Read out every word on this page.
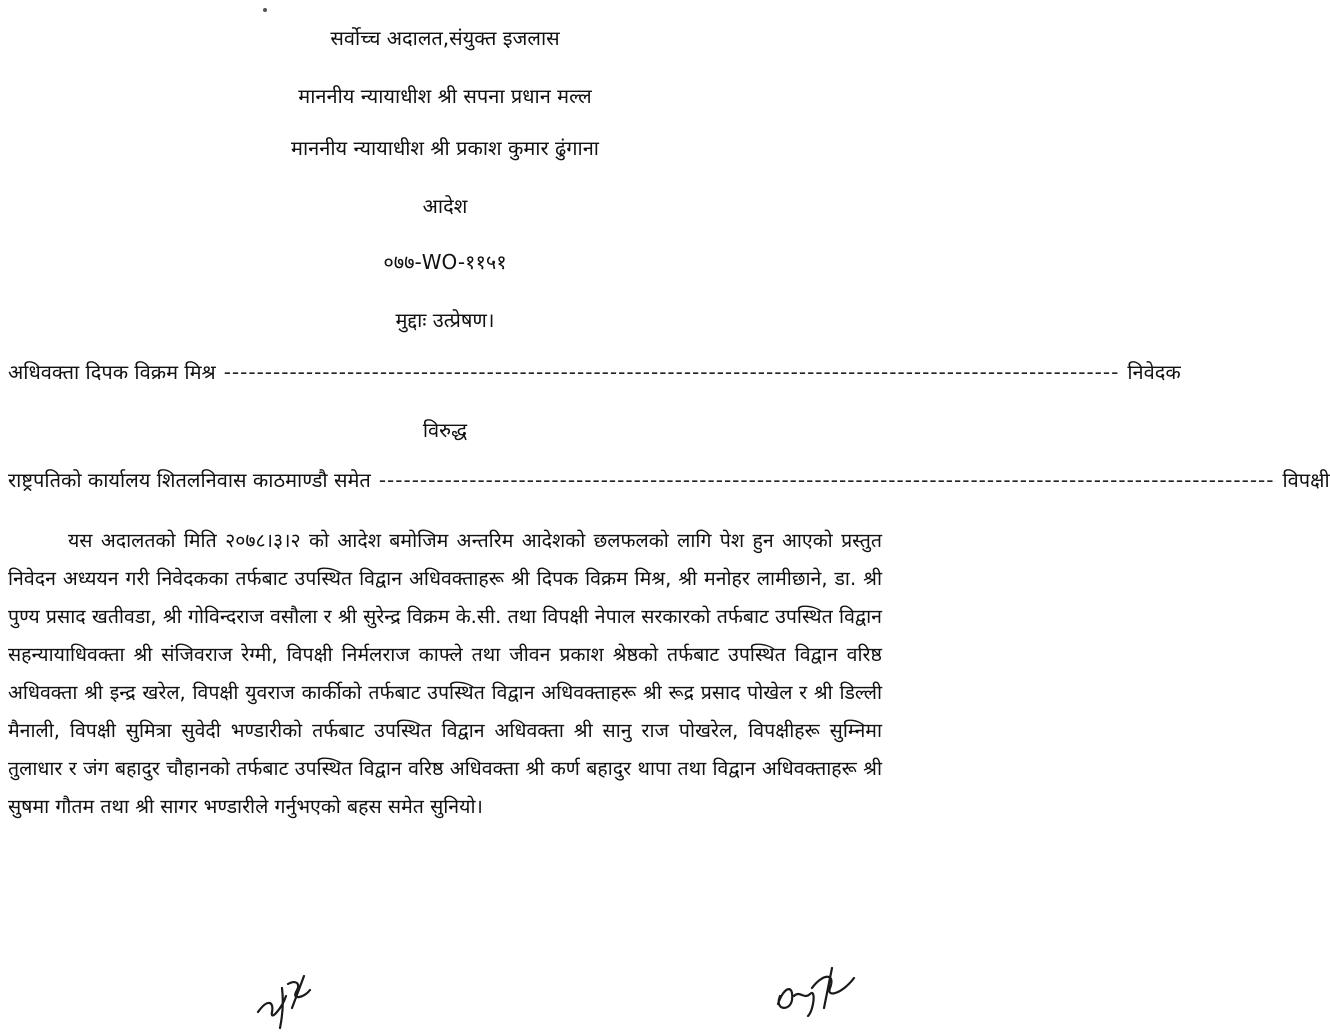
सर्वोच्च अदालत,संयुक्त इजलास
माननीय न्यायाधीश श्री सपना प्रधान मल्ल
माननीय न्यायाधीश श्री प्रकाश कुमार ढुंगाना
आदेश
०७७-WO-११५१
मुद्दाः उत्प्रेषण।
अधिवक्ता दिपक विक्रम मिश्र ------------------------------------------------------------------------------------------------------------- निवेदक
विरुद्ध
राष्ट्रपतिको कार्यालय शितलनिवास काठमाण्डौ समेत ------------------------------------------------------------------------------------------------------------- विपक्षी
यस अदालतको मिति २०७८।३।२ को आदेश बमोजिम अन्तरिम आदेशको छलफलको लागि पेश हुन आएको प्रस्तुत निवेदन अध्ययन गरी निवेदकका तर्फबाट उपस्थित विद्वान अधिवक्ताहरू श्री दिपक विक्रम मिश्र, श्री मनोहर लामीछाने, डा. श्री पुण्य प्रसाद खतीवडा, श्री गोविन्दराज वसौला र श्री सुरेन्द्र विक्रम के.सी. तथा विपक्षी नेपाल सरकारको तर्फबाट उपस्थित विद्वान सहन्यायाधिवक्ता श्री संजिवराज रेग्मी, विपक्षी निर्मलराज काफ्ले तथा जीवन प्रकाश श्रेष्ठको तर्फबाट उपस्थित विद्वान वरिष्ठ अधिवक्ता श्री इन्द्र खरेल, विपक्षी युवराज कार्कीको तर्फबाट उपस्थित विद्वान अधिवक्ताहरू श्री रूद्र प्रसाद पोखेल र श्री डिल्ली मैनाली, विपक्षी सुमित्रा सुवेदी भण्डारीको तर्फबाट उपस्थित विद्वान अधिवक्ता श्री सानु राज पोखरेल, विपक्षीहरू सुम्निमा तुलाधार र जंग बहादुर चौहानको तर्फबाट उपस्थित विद्वान वरिष्ठ अधिवक्ता श्री कर्ण बहादुर थापा तथा विद्वान अधिवक्ताहरू श्री सुषमा गौतम तथा श्री सागर भण्डारीले गर्नुभएको बहस समेत सुनियो।
